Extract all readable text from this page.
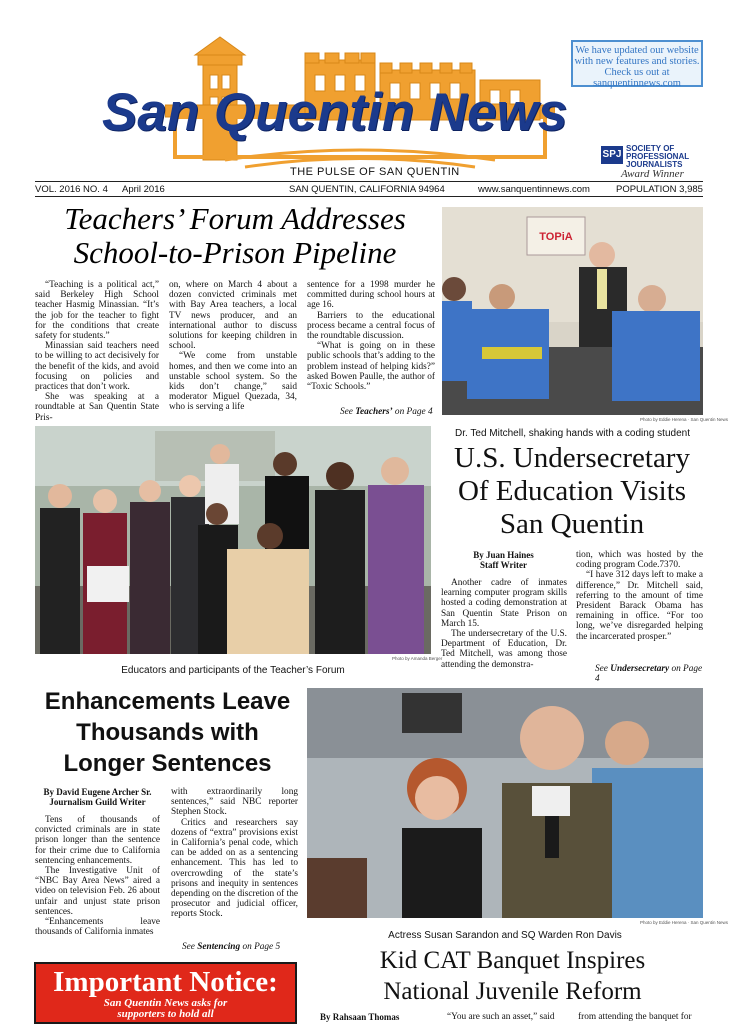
San Quentin News
THE PULSE OF SAN QUENTIN
We have updated our website with new features and stories. Check us out at sanquentinnews.com
SPJ
SOCIETY OF
PROFESSIONAL
JOURNALISTS
Award Winner
VOL. 2016 NO. 4 April 2016	SAN QUENTIN, CALIFORNIA 94964	www.sanquentinnews.com	POPULATION 3,985
Teachers’ Forum Addresses
School-to-Prison Pipeline

“Teaching is a political act,” said Berkeley High School teacher Hasmig Minassian. “It’s the job for the teacher to fight for the conditions that create safety for students.”

Minassian said teachers need to be willing to act decisively for the benefit of the kids, and avoid focusing on policies and practices that don’t work.

She was speaking at a roundtable at San Quentin State Pris-

on, where on March 4 about a dozen convicted criminals met with Bay Area teachers, a local TV news producer, and an international author to discuss solutions for keeping children in school.

“We come from unstable homes, and then we come into an unstable school system. So the kids don’t change,” said moderator Miguel Quezada, 34, who is serving a life

sentence for a 1998 murder he committed during school hours at age 16.

Barriers to the educational process became a central focus of the roundtable discussion.

“What is going on in these public schools that’s adding to the problem instead of helping kids?” asked Bowen Paulle, the author of “Toxic Schools.”

See Teachers’ on Page 4
TOPiA
Photo by Eddie Herena · San Quentin News
Dr. Ted Mitchell, shaking hands with a coding student
Photo by Amanda Berger
Educators and participants of the Teacher’s Forum
U.S. Undersecretary
Of Education Visits
San Quentin
By Juan Haines
Staff Writer

Another cadre of inmates learning computer program skills hosted a coding demonstration at San Quentin State Prison on March 15.

The undersecretary of the U.S. Department of Education, Dr. Ted Mitchell, was among those attending the demonstra-

tion, which was hosted by the coding program Code.7370.

“I have 312 days left to make a difference,” Dr. Mitchell said, referring to the amount of time President Barack Obama has remaining in office. “For too long, we’ve disregarded helping the incarcerated prosper.”

See Undersecretary on Page 4
Enhancements Leave
Thousands with
Longer Sentences
By David Eugene Archer Sr.
Journalism Guild Writer

Tens of thousands of convicted criminals are in state prison longer than the sentence for their crime due to California sentencing enhancements.

The Investigative Unit of “NBC Bay Area News” aired a video on television Feb. 26 about unfair and unjust state prison sentences.

“Enhancements leave thousands of California inmates

with extraordinarily long sentences,” said NBC reporter Stephen Stock.

Critics and researchers say dozens of “extra” provisions exist in California’s penal code, which can be added on as a sentencing enhancement. This has led to overcrowding of the state’s prisons and inequity in sentences depending on the discretion of the prosecutor and judicial officer, reports Stock.

See Sentencing on Page 5
Photo by Eddie Herena · San Quentin News
Actress Susan Sarandon and SQ Warden Ron Davis
Kid CAT Banquet Inspires
National Juvenile Reform
By Rahsaan Thomas	“You are such an asset,” said	from attending the banquet for
Important Notice:
San Quentin News asks for
supporters to hold all
